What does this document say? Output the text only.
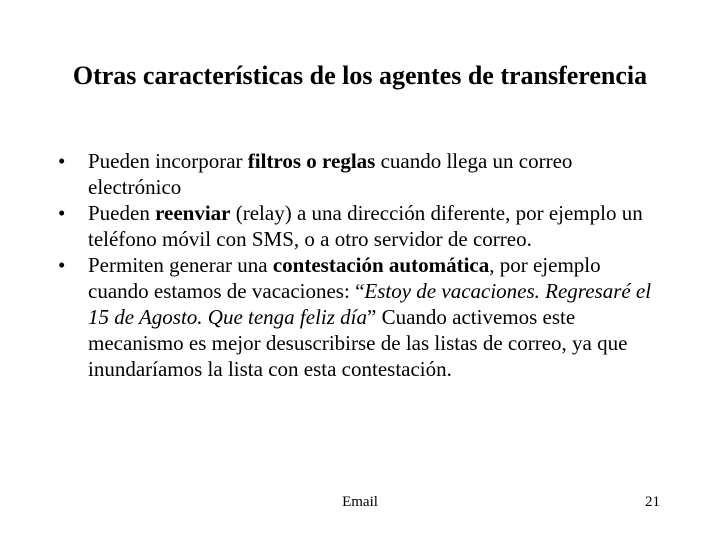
Otras características de los agentes de transferencia
• Pueden incorporar filtros o reglas cuando llega un correo electrónico
• Pueden reenviar (relay) a una dirección diferente, por ejemplo un teléfono móvil con SMS, o a otro servidor de correo.
• Permiten generar una contestación automática, por ejemplo cuando estamos de vacaciones: “Estoy de vacaciones. Regresaré el 15 de Agosto. Que tenga feliz día” Cuando activemos este mecanismo es mejor desuscribirse de las listas de correo, ya que inundaríamos la lista con esta contestación.
Email	21
